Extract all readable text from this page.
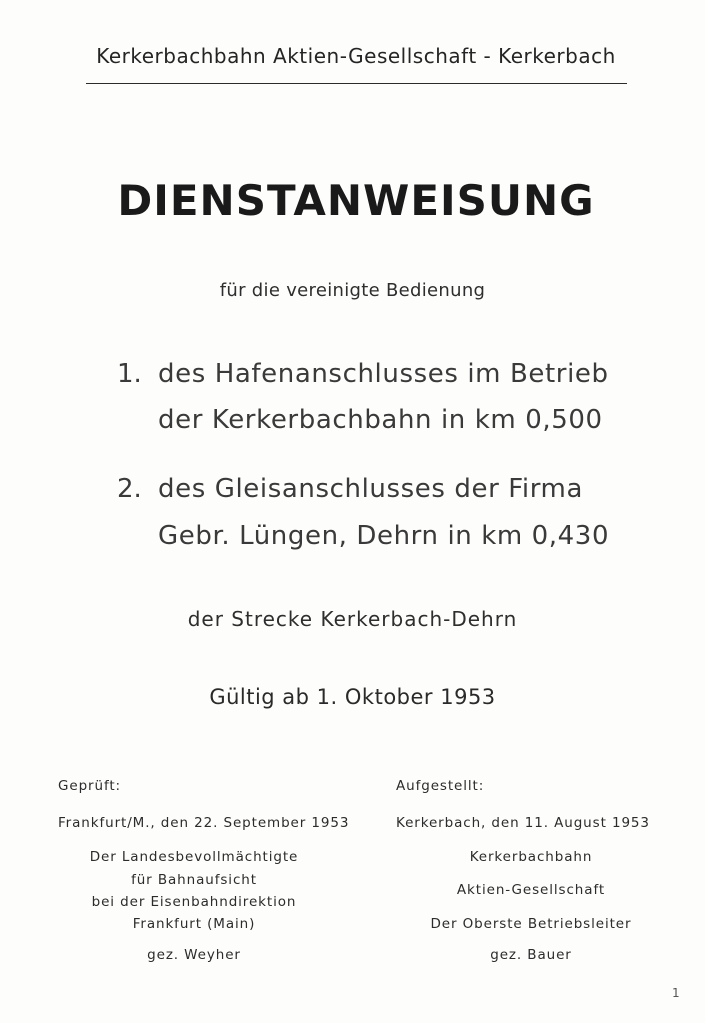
Kerkerbachbahn Aktien-Gesellschaft - Kerkerbach
DIENSTANWEISUNG
für die vereinigte Bedienung
1. des Hafenanschlusses im Betrieb
der Kerkerbachbahn in km 0,500
2. des Gleisanschlusses der Firma
Gebr. Lüngen, Dehrn in km 0,430
der Strecke Kerkerbach-Dehrn
Gültig ab 1. Oktober 1953
Geprüft:
Frankfurt/M., den 22. September 1953
Der Landesbevollmächtigte
für Bahnaufsicht
bei der Eisenbahndirektion
Frankfurt (Main)
gez. Weyher
Aufgestellt:
Kerkerbach, den 11. August 1953
Kerkerbachbahn
Aktien-Gesellschaft
Der Oberste Betriebsleiter
gez. Bauer
1
